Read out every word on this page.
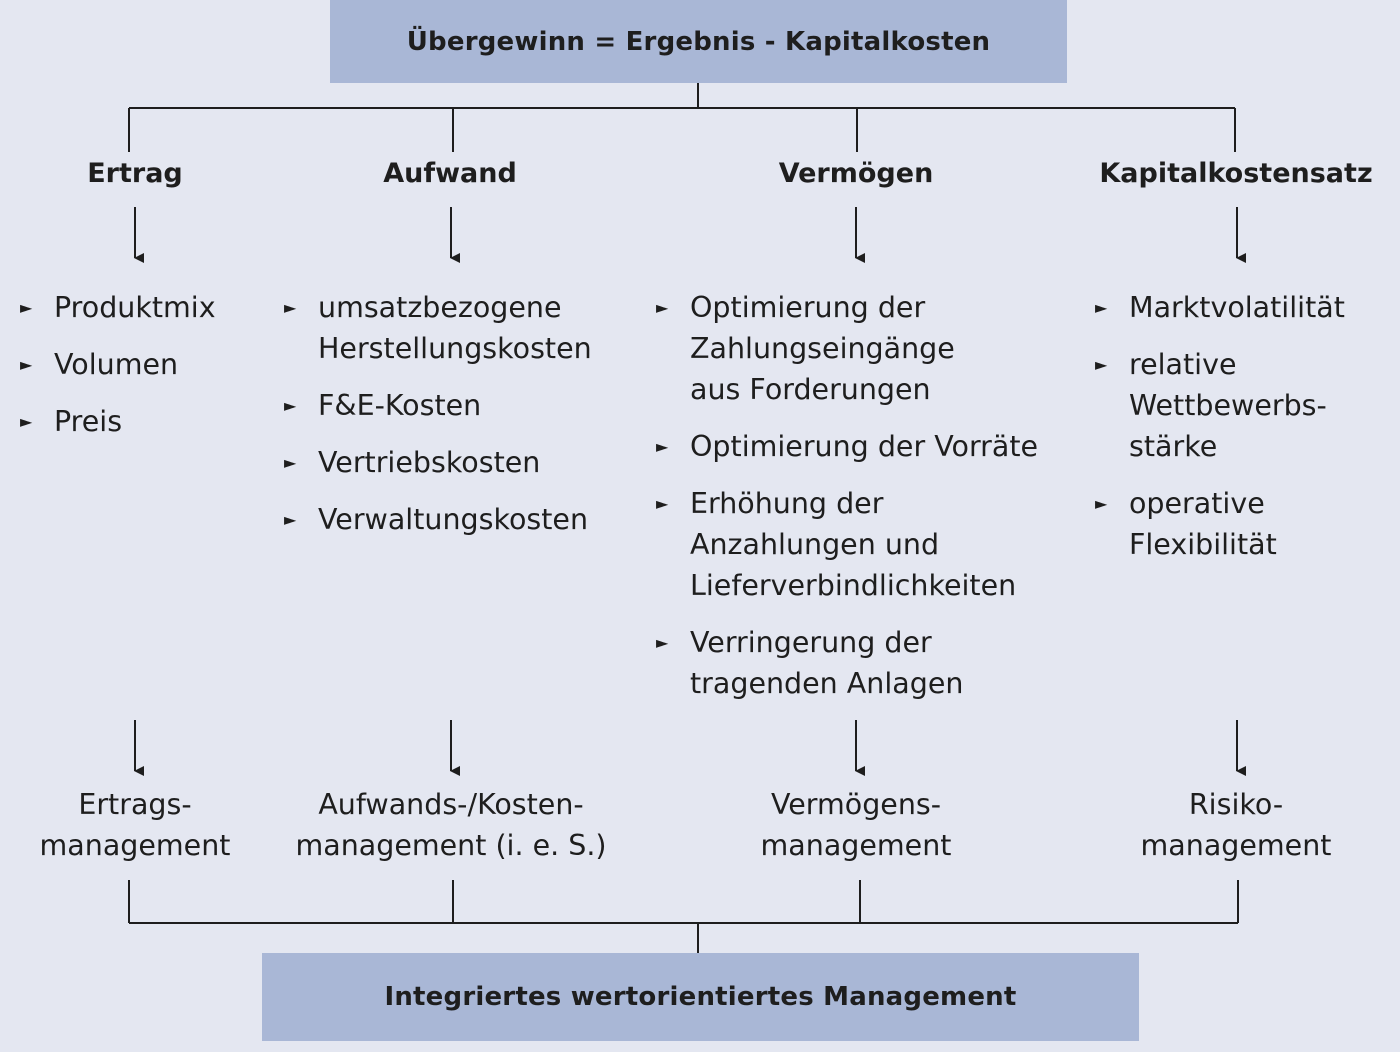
Übergewinn = Ergebnis - Kapitalkosten
Ertrag	Aufwand	Vermögen	Kapitalkostensatz
► Produktmix
► Volumen
► Preis
► umsatzbezogene
Herstellungskosten
► F&E-Kosten
► Vertriebskosten
► Verwaltungskosten
► Optimierung der
Zahlungseingänge
aus Forderungen
► Optimierung der Vorräte
► Erhöhung der
Anzahlungen und
Lieferverbindlichkeiten
► Verringerung der
tragenden Anlagen
► Marktvolatilität
► relative
Wettbewerbs-
stärke
► operative
Flexibilität
Ertrags-
management
Aufwands-/Kosten-
management (i. e. S.)
Vermögens-
management
Risiko-
management
Integriertes wertorientiertes Management
